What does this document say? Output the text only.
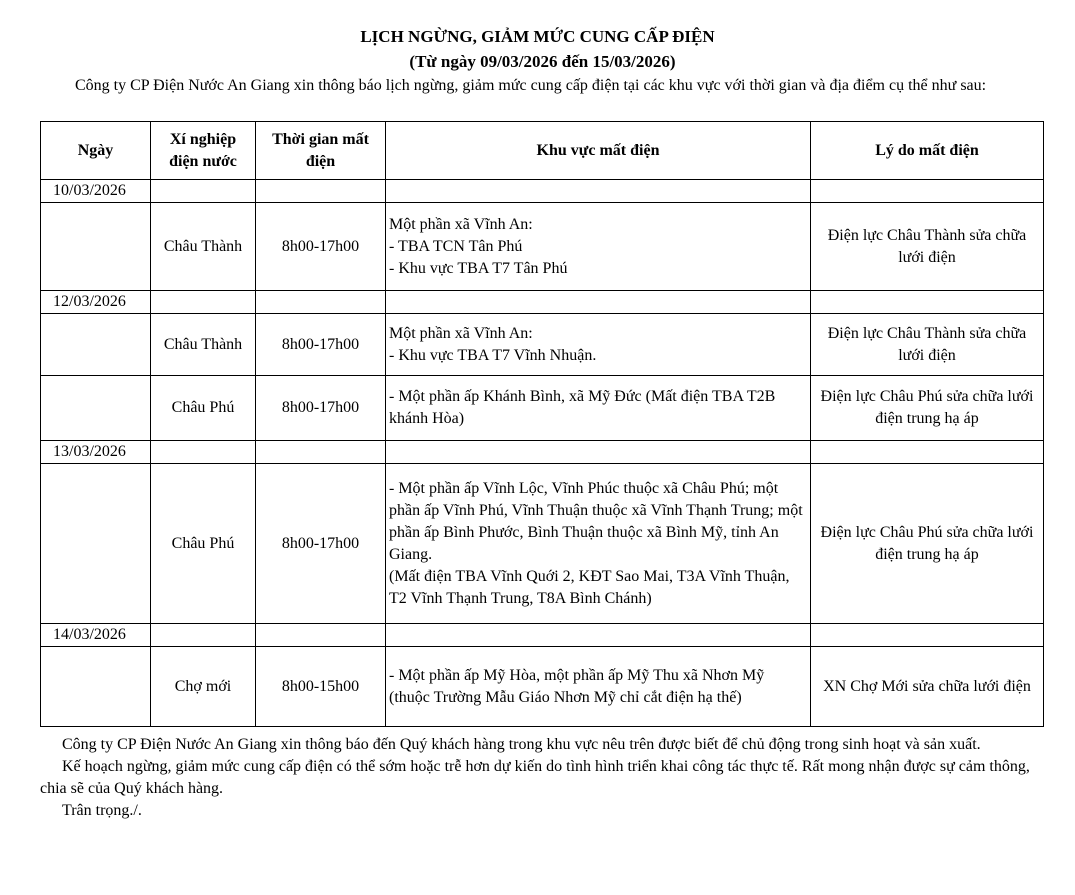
LỊCH NGỪNG, GIẢM MỨC CUNG CẤP ĐIỆN
(Từ ngày 09/03/2026 đến 15/03/2026)
Công ty CP Điện Nước An Giang xin thông báo lịch ngừng, giảm mức cung cấp điện tại các khu vực với thời gian và địa điểm cụ thể như sau:
Ngày	Xí nghiệp điện nước	Thời gian mất điện	Khu vực mất điện	Lý do mất điện
10/03/2026				
	Châu Thành	8h00-17h00	Một phần xã Vĩnh An:
- TBA TCN Tân Phú
- Khu vực TBA T7 Tân Phú	Điện lực Châu Thành sửa chữa lưới điện
12/03/2026				
	Châu Thành	8h00-17h00	Một phần xã Vĩnh An:
- Khu vực TBA T7 Vĩnh Nhuận.	Điện lực Châu Thành sửa chữa lưới điện
	Châu Phú	8h00-17h00	- Một phần ấp Khánh Bình, xã Mỹ Đức (Mất điện TBA T2B khánh Hòa)	Điện lực Châu Phú sửa chữa lưới điện trung hạ áp
13/03/2026				
	Châu Phú	8h00-17h00	- Một phần ấp Vĩnh Lộc, Vĩnh Phúc thuộc xã Châu Phú; một phần ấp Vĩnh Phú, Vĩnh Thuận thuộc xã Vĩnh Thạnh Trung; một phần ấp Bình Phước, Bình Thuận thuộc xã Bình Mỹ, tỉnh An Giang.
(Mất điện TBA Vĩnh Quới 2, KĐT Sao Mai, T3A Vĩnh Thuận, T2 Vĩnh Thạnh Trung, T8A Bình Chánh)	Điện lực Châu Phú sửa chữa lưới điện trung hạ áp
14/03/2026				
	Chợ mới	8h00-15h00	- Một phần ấp Mỹ Hòa, một phần ấp Mỹ Thu xã Nhơn Mỹ (thuộc Trường Mẫu Giáo Nhơn Mỹ chỉ cắt điện hạ thế)	XN Chợ Mới sửa chữa lưới điện

Công ty CP Điện Nước An Giang xin thông báo đến Quý khách hàng trong khu vực nêu trên được biết để chủ động trong sinh hoạt và sản xuất.

Kế hoạch ngừng, giảm mức cung cấp điện có thể sớm hoặc trễ hơn dự kiến do tình hình triển khai công tác thực tế. Rất mong nhận được sự cảm thông, chia sẽ của Quý khách hàng.

Trân trọng./.
